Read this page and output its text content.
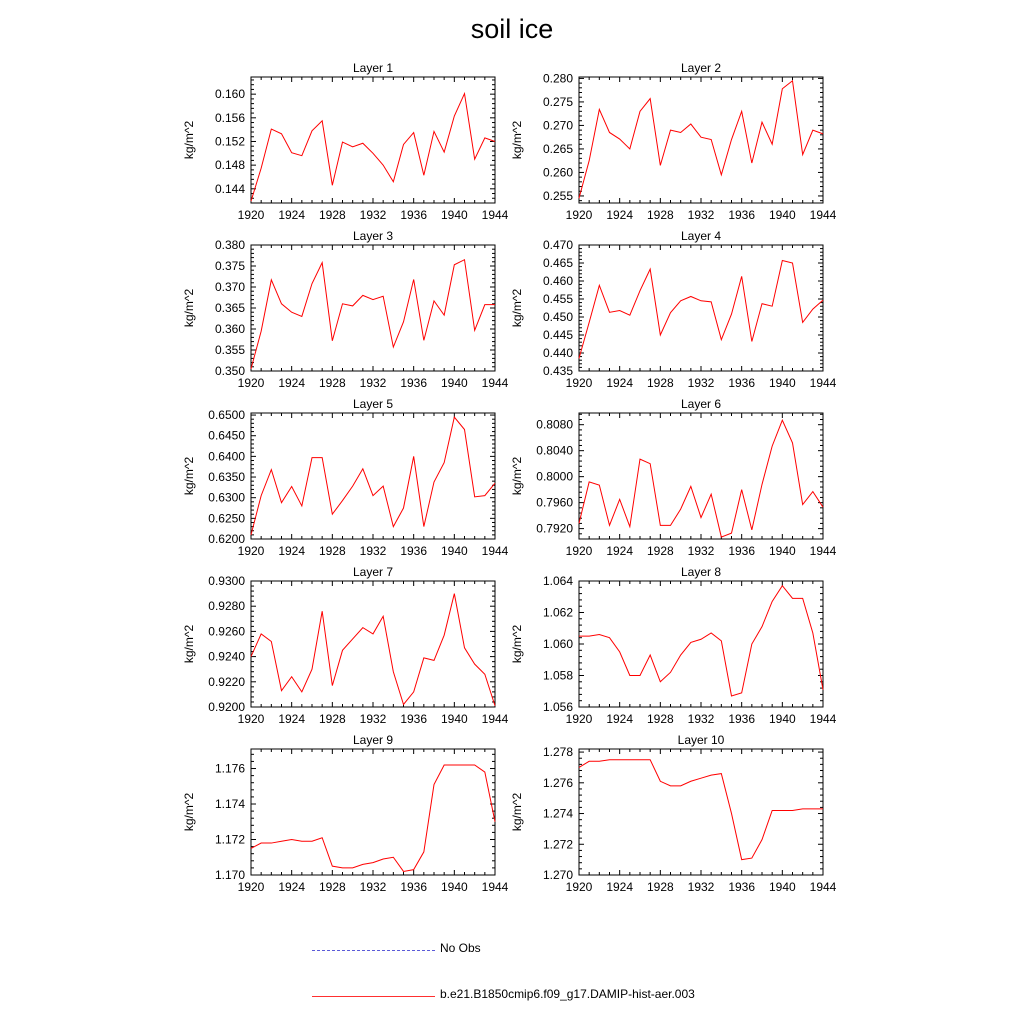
soil ice
Layer 1
kg/m^2
1920 1924 1928 1932 1936 1940 1944
0.144
0.148
0.152
0.156
0.160
Layer 2
kg/m^2
1920 1924 1928 1932 1936 1940 1944
0.255
0.260
0.265
0.270
0.275
0.280
Layer 3
kg/m^2
1920 1924 1928 1932 1936 1940 1944
0.350
0.355
0.360
0.365
0.370
0.375
0.380
Layer 4
kg/m^2
1920 1924 1928 1932 1936 1940 1944
0.435
0.440
0.445
0.450
0.455
0.460
0.465
0.470
Layer 5
kg/m^2
1920 1924 1928 1932 1936 1940 1944
0.6200
0.6250
0.6300
0.6350
0.6400
0.6450
0.6500
Layer 6
kg/m^2
1920 1924 1928 1932 1936 1940 1944
0.7920
0.7960
0.8000
0.8040
0.8080
Layer 7
kg/m^2
1920 1924 1928 1932 1936 1940 1944
0.9200
0.9220
0.9240
0.9260
0.9280
0.9300
Layer 8
kg/m^2
1920 1924 1928 1932 1936 1940 1944
1.056
1.058
1.060
1.062
1.064
Layer 9
kg/m^2
1920 1924 1928 1932 1936 1940 1944
1.170
1.172
1.174
1.176
Layer 10
kg/m^2
1920 1924 1928 1932 1936 1940 1944
1.270
1.272
1.274
1.276
1.278
No Obs
b.e21.B1850cmip6.f09_g17.DAMIP-hist-aer.003
